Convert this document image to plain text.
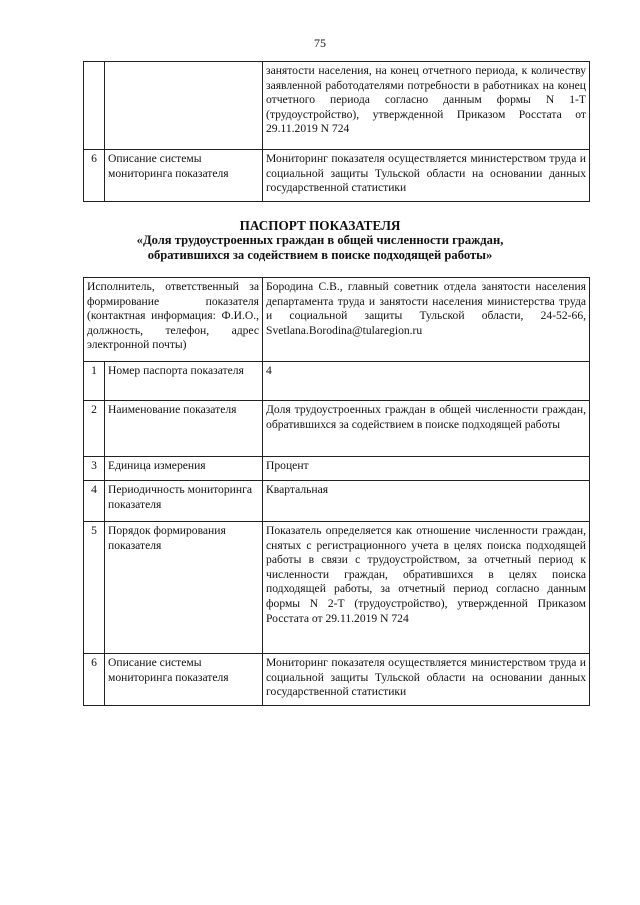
75
		занятости населения, на конец отчетного периода, к количеству заявленной работодателями потребности в работниках на конец отчетного периода согласно данным формы N 1-Т (трудоустройство), утвержденной Приказом Росстата от 29.11.2019 N 724
6	Описание системы мониторинга показателя	Мониторинг показателя осуществляется министерством труда и социальной защиты Тульской области на основании данных государственной статистики
ПАСПОРТ ПОКАЗАТЕЛЯ
«Доля трудоустроенных граждан в общей численности граждан,
обратившихся за содействием в поиске подходящей работы»
Исполнитель, ответственный за формирование показателя (контактная информация: Ф.И.О., должность, телефон, адрес электронной почты)		Бородина С.В., главный советник отдела занятости населения департамента труда и занятости населения министерства труда и социальной защиты Тульской области, 24-52-66, Svetlana.Borodina@tularegion.ru
1	Номер паспорта показателя	4
2	Наименование показателя	Доля трудоустроенных граждан в общей численности граждан, обратившихся за содействием в поиске подходящей работы
3	Единица измерения	Процент
4	Периодичность мониторинга показателя	Квартальная
5	Порядок формирования показателя	Показатель определяется как отношение численности граждан, снятых с регистрационного учета в целях поиска подходящей работы в связи с трудоустройством, за отчетный период к численности граждан, обратившихся в целях поиска подходящей работы, за отчетный период согласно данным формы N 2-Т (трудоустройство), утвержденной Приказом Росстата от 29.11.2019 N 724
6	Описание системы мониторинга показателя	Мониторинг показателя осуществляется министерством труда и социальной защиты Тульской области на основании данных государственной статистики
